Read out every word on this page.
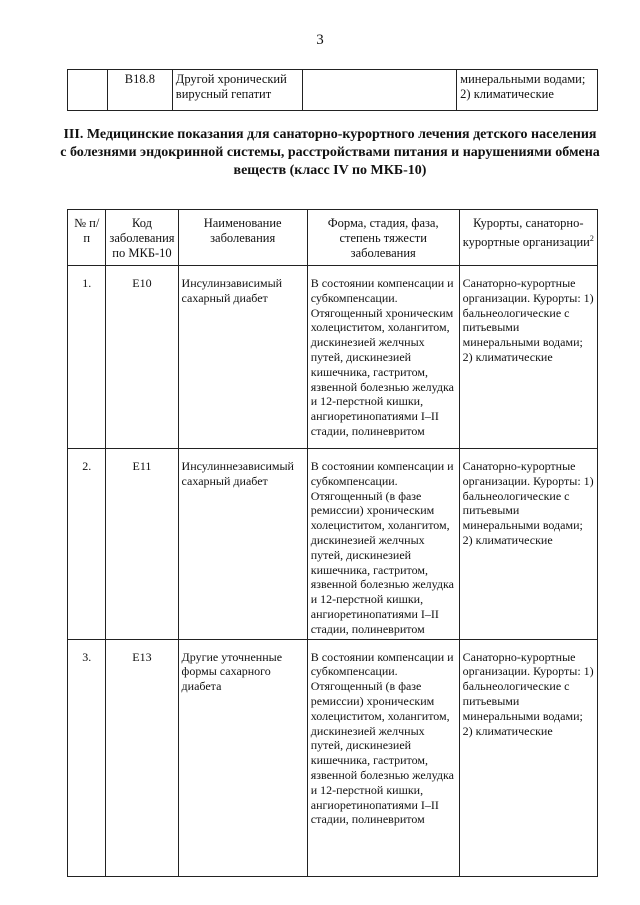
3
	B18.8	Другой хронический вирусный гепатит		минеральными водами;
2) климатические
III. Медицинские показания для санаторно-курортного лечения детского населения с болезнями эндокринной системы, расстройствами питания и нарушениями обмена веществ (класс IV по МКБ-10)
№ п/п	Код заболевания по МКБ-10	Наименование заболевания	Форма, стадия, фаза, степень тяжести заболевания	Курорты, санаторно-курортные организации$^2$
1.	E10	Инсулинзависимый сахарный диабет	В состоянии компенсации и субкомпенсации. Отягощенный хроническим холециститом, холангитом, дискинезией желчных путей, дискинезией кишечника, гастритом, язвенной болезнью желудка и 12-перстной кишки, ангиоретинопатиями I–II стадии, полиневритом	Санаторно-курортные организации. Курорты: 1) бальнеологические с питьевыми минеральными водами; 2) климатические
2.	E11	Инсулиннезависимый сахарный диабет	В состоянии компенсации и субкомпенсации. Отягощенный (в фазе ремиссии) хроническим холециститом, холангитом, дискинезией желчных путей, дискинезией кишечника, гастритом, язвенной болезнью желудка и 12-перстной кишки, ангиоретинопатиями I–II стадии, полиневритом	Санаторно-курортные организации. Курорты: 1) бальнеологические с питьевыми минеральными водами; 2) климатические
3.	E13	Другие уточненные формы сахарного диабета	В состоянии компенсации и субкомпенсации. Отягощенный (в фазе ремиссии) хроническим холециститом, холангитом, дискинезией желчных путей, дискинезией кишечника, гастритом, язвенной болезнью желудка и 12-перстной кишки, ангиоретинопатиями I–II стадии, полиневритом	Санаторно-курортные организации. Курорты: 1) бальнеологические с питьевыми минеральными водами; 2) климатические
